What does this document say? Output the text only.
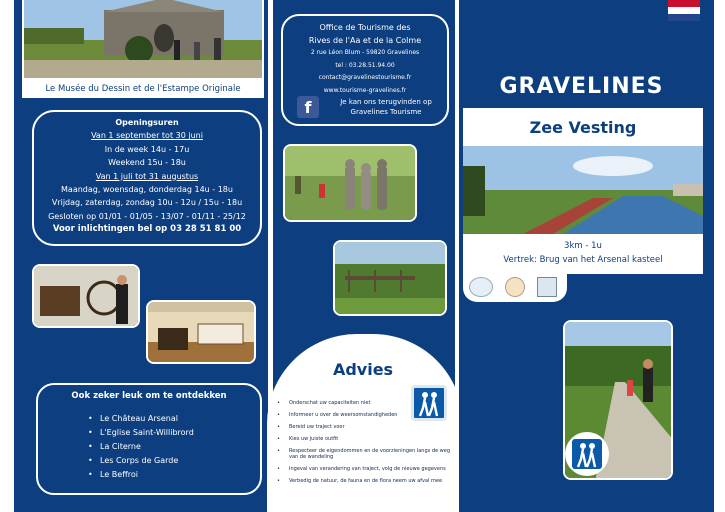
Le Musée du Dessin et de l'Estampe Originale
Openingsuren
Van 1 september tot 30 juni
In de week 14u - 17u
Weekend 15u - 18u
Van 1 juli tot 31 augustus
Maandag, woensdag, donderdag 14u - 18u
Vrijdag, zaterdag, zondag 10u - 12u / 15u - 18u
Gesloten op 01/01 - 01/05 - 13/07 - 01/11 - 25/12
Voor inlichtingen bel op 03 28 51 81 00
Ook zeker leuk om te ontdekken
• Le Château Arsenal
• L'Eglise Saint-Willibrord
• La Citerne
• Les Corps de Garde
• Le Beffroi
Office de Tourisme des
Rives de l'Aa et de la Colme
2 rue Léon Blum - 59820 Gravelines
tel : 03.28.51.94.00
contact@gravelinestourisme.fr
www.tourisme-gravelines.fr
f	Je kan ons terugvinden op
Gravelines Tourisme
Advies
• Onderschat uw capaciteiten niet
• Informeer u over de weersomstandigheden
• Bereid uw traject voor
• Kies uw juiste outfit
• Respecteer de eigendommen en de voorzieningen langs de weg van de wandeling
• Ingeval van verandering van traject, volg de nieuwe gegevens
• Verbedig de natuur, de fauna en de flora neem uw afval mee
GRAVELINES
Zee Vesting
3km - 1u
Vertrek: Brug van het Arsenal kasteel
